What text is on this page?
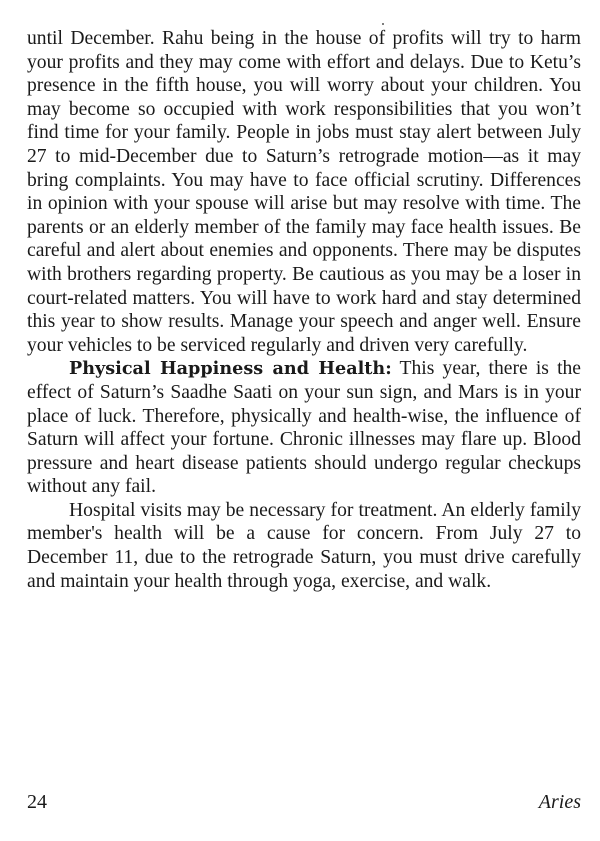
until December. Rahu being in the house of profits will try to harm your profits and they may come with effort and delays. Due to Ketu’s presence in the fifth house, you will worry about your children. You may become so occupied with work responsibilities that you won’t find time for your family. People in jobs must stay alert between July 27 to mid-December due to Saturn’s retrograde motion—as it may bring complaints. You may have to face official scrutiny. Differences in opinion with your spouse will arise but may resolve with time. The parents or an elderly member of the family may face health issues. Be careful and alert about enemies and opponents. There may be disputes with brothers regarding property. Be cautious as you may be a loser in court-related matters. You will have to work hard and stay determined this year to show results. Manage your speech and anger well. Ensure your vehicles to be serviced regularly and driven very carefully.

Physical Happiness and Health: This year, there is the effect of Saturn’s Saadhe Saati on your sun sign, and Mars is in your place of luck. Therefore, physically and health-wise, the influence of Saturn will affect your fortune. Chronic illnesses may flare up. Blood pressure and heart disease patients should undergo regular checkups without any fail.

Hospital visits may be necessary for treatment. An elderly family member's health will be a cause for concern. From July 27 to December 11, due to the retrograde Saturn, you must drive carefully and maintain your health through yoga, exercise, and walk.

24	Aries
